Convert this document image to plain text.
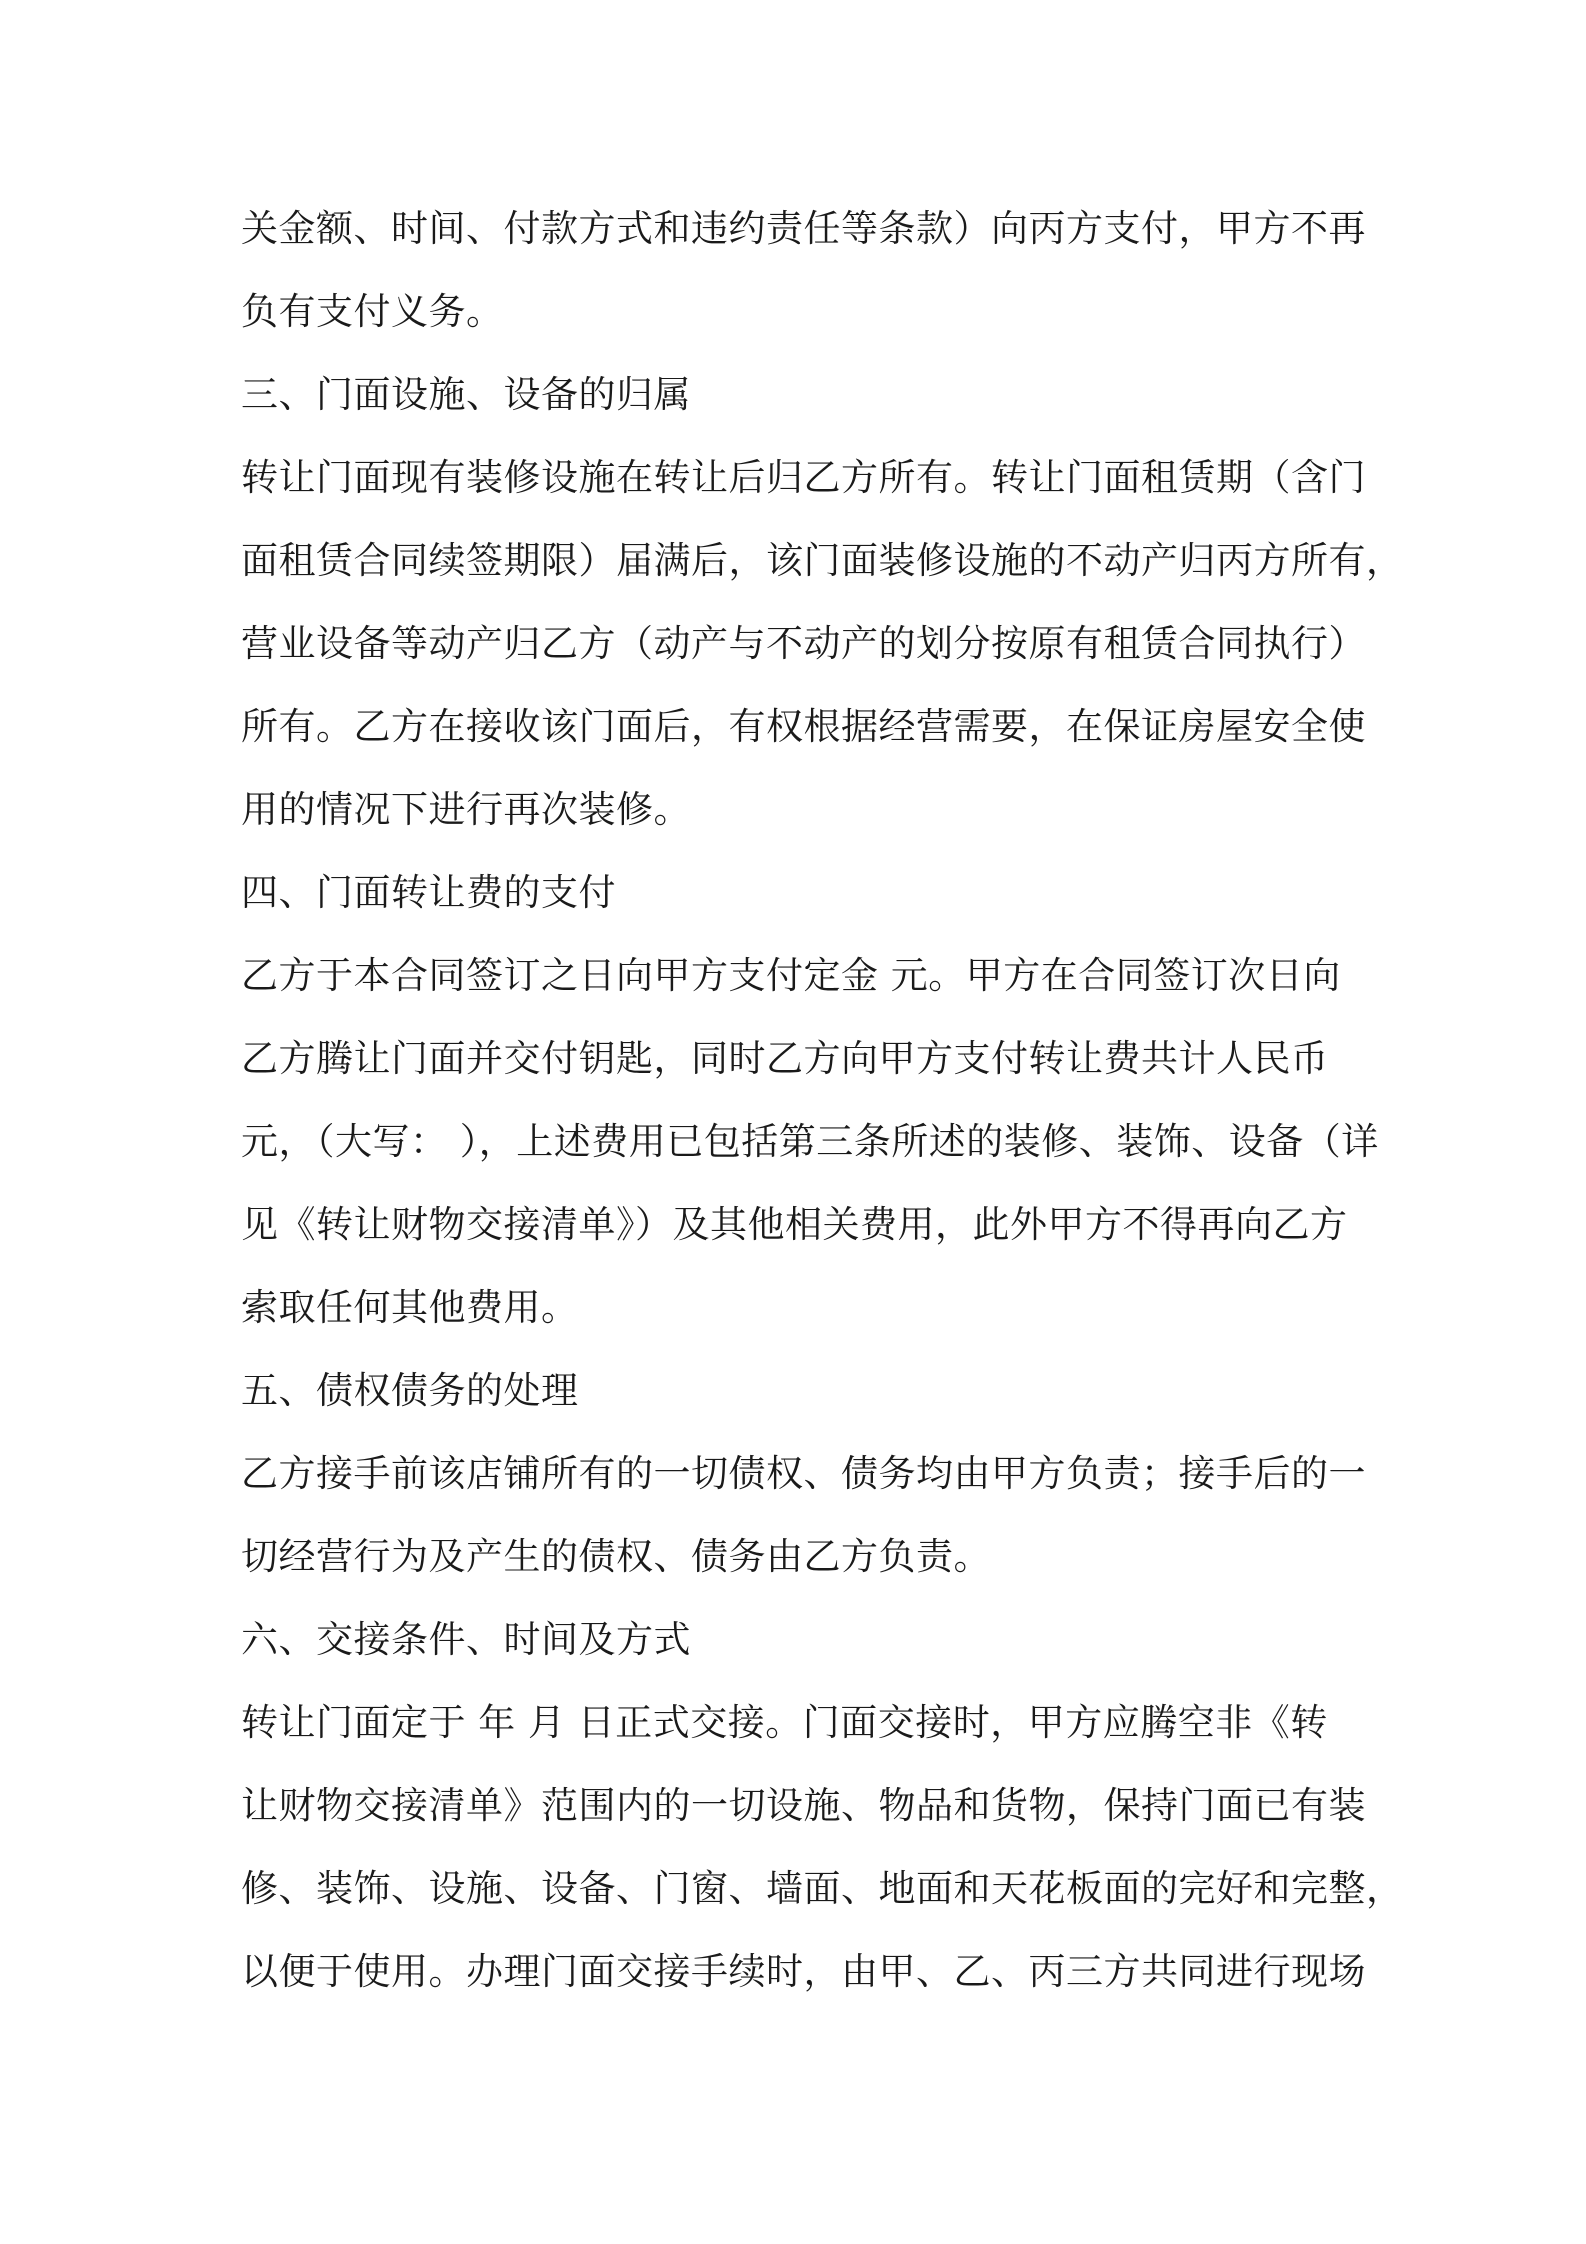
关金额、时间、付款方式和违约责任等条款）向丙方支付，甲方不再
负有支付义务。
三、门面设施、设备的归属
转让门面现有装修设施在转让后归乙方所有。转让门面租赁期（含门
面租赁合同续签期限）届满后，该门面装修设施的不动产归丙方所有，
营业设备等动产归乙方（动产与不动产的划分按原有租赁合同执行）
所有。乙方在接收该门面后，有权根据经营需要，在保证房屋安全使
用的情况下进行再次装修。
四、门面转让费的支付
乙方于本合同签订之日向甲方支付定金 元。甲方在合同签订次日向
乙方腾让门面并交付钥匙，同时乙方向甲方支付转让费共计人民币
元，（大写： ），上述费用已包括第三条所述的装修、装饰、设备（详
见《转让财物交接清单》）及其他相关费用，此外甲方不得再向乙方
索取任何其他费用。
五、债权债务的处理
乙方接手前该店铺所有的一切债权、债务均由甲方负责；接手后的一
切经营行为及产生的债权、债务由乙方负责。
六、交接条件、时间及方式
转让门面定于 年 月 日正式交接。门面交接时，甲方应腾空非《转
让财物交接清单》范围内的一切设施、物品和货物，保持门面已有装
修、装饰、设施、设备、门窗、墙面、地面和天花板面的完好和完整，
以便于使用。办理门面交接手续时，由甲、乙、丙三方共同进行现场
